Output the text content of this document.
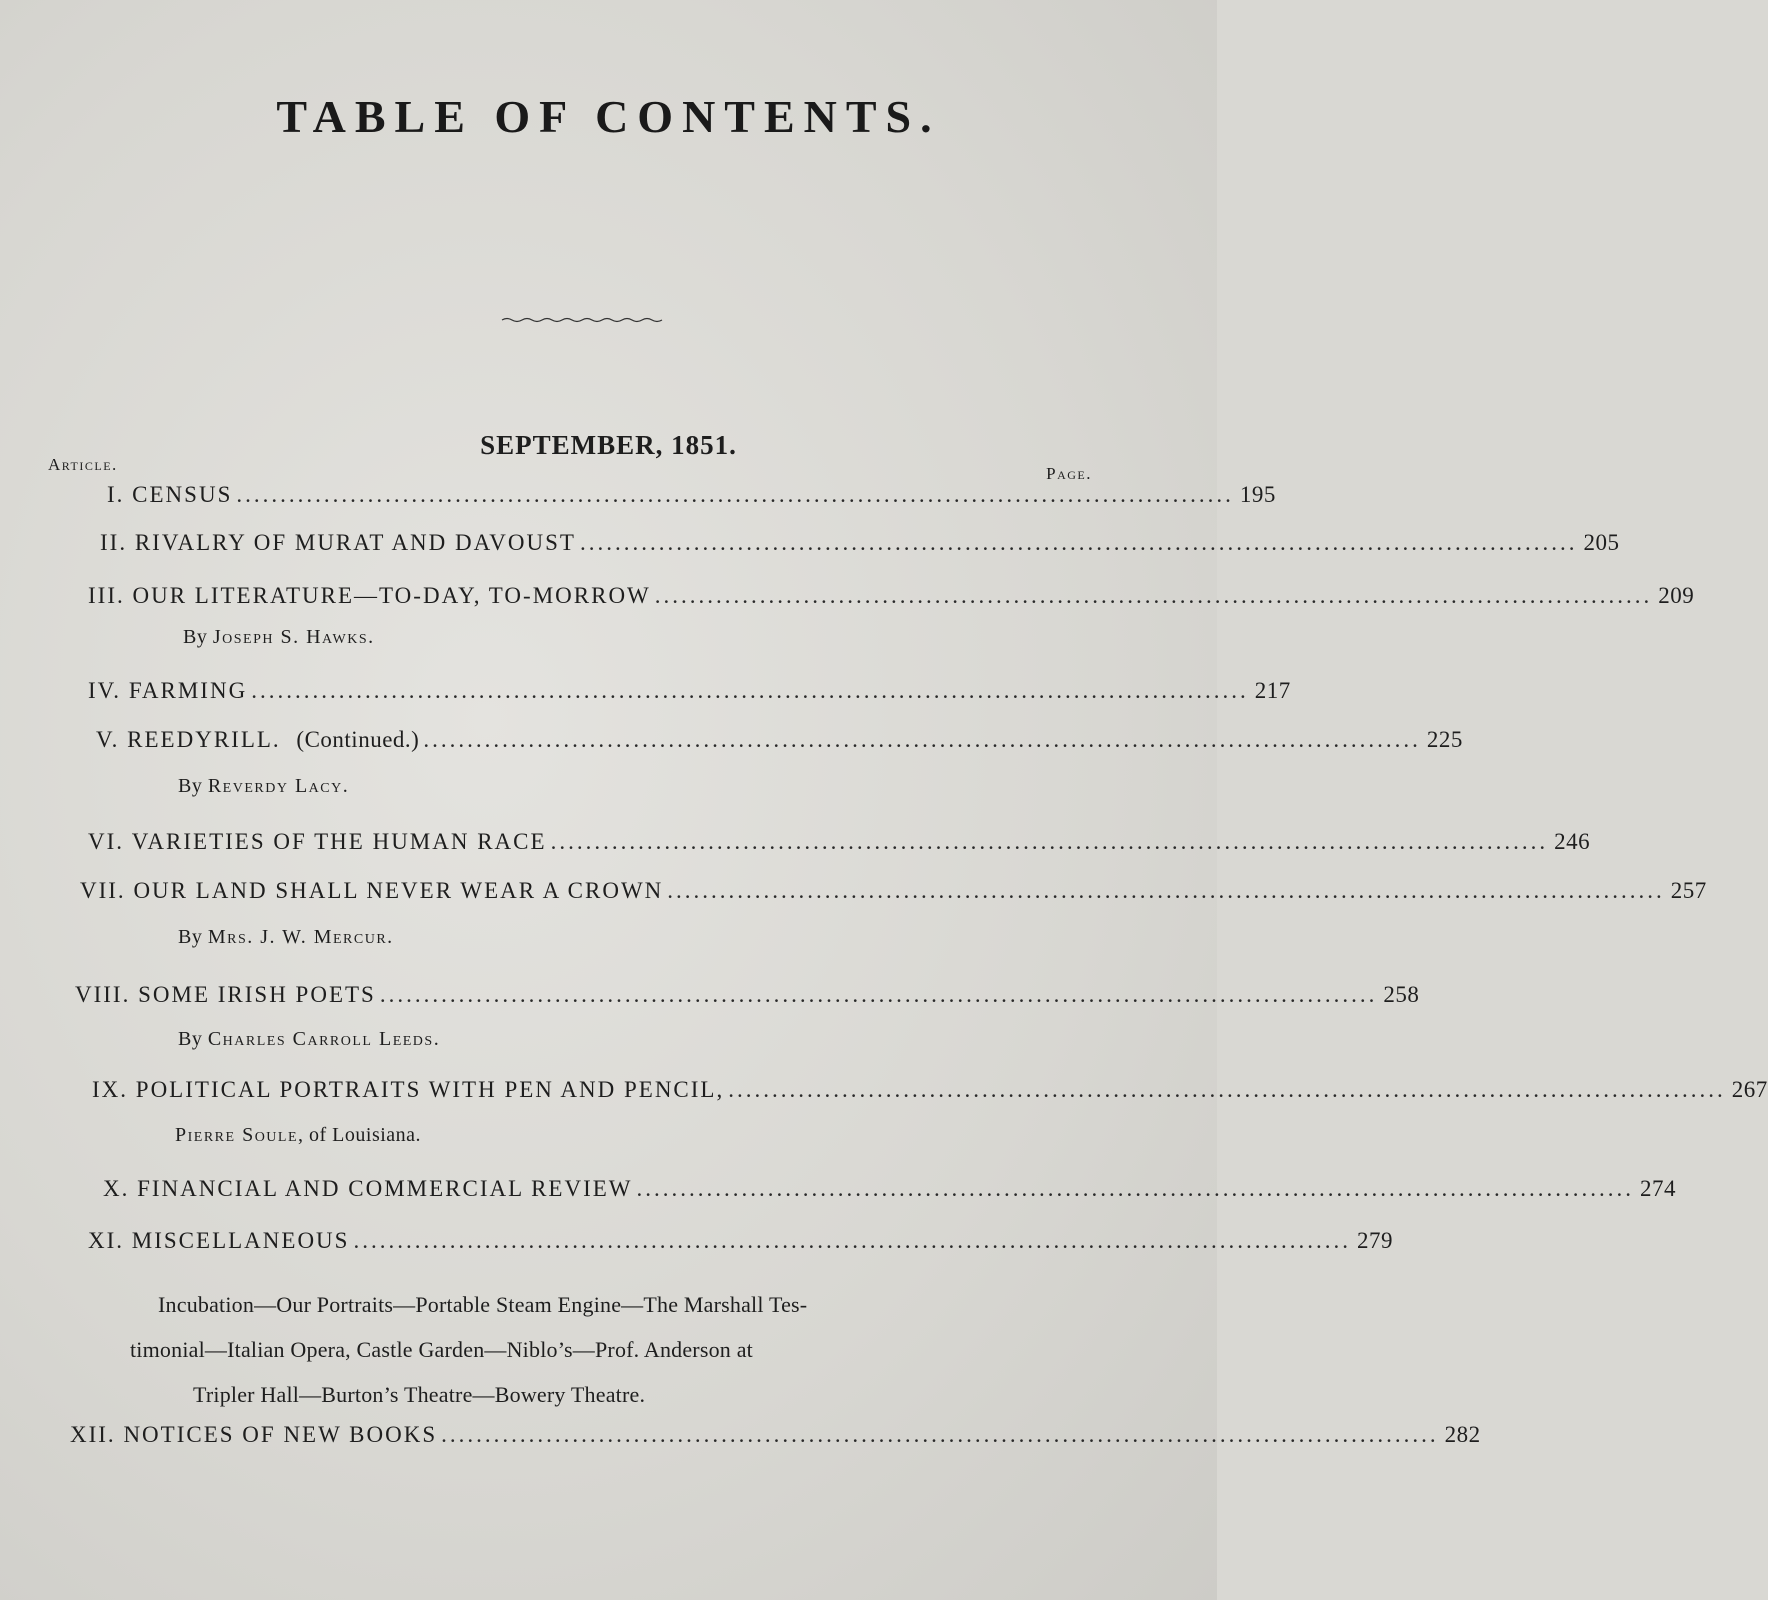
TABLE OF CONTENTS.
SEPTEMBER, 1851.
Article.	Page.
I. CENSUS .................................................................................................................. 195
II. RIVALRY OF MURAT AND DAVOUST .................................................................................................................. 205
III. OUR LITERATURE—TO-DAY, TO-MORROW .................................................................................................................. 209
By Joseph S. Hawks.
IV. FARMING .................................................................................................................. 217
V. REEDYRILL. (Continued.) .................................................................................................................. 225
By Reverdy Lacy.
VI. VARIETIES OF THE HUMAN RACE .................................................................................................................. 246
VII. OUR LAND SHALL NEVER WEAR A CROWN .................................................................................................................. 257
By Mrs. J. W. Mercur.
VIII. SOME IRISH POETS .................................................................................................................. 258
By Charles Carroll Leeds.
IX. POLITICAL PORTRAITS WITH PEN AND PENCIL, .................................................................................................................. 267
Pierre Soule, of Louisiana.
X. FINANCIAL AND COMMERCIAL REVIEW .................................................................................................................. 274
XI. MISCELLANEOUS .................................................................................................................. 279
Incubation—Our Portraits—Portable Steam Engine—The Marshall Tes-
timonial—Italian Opera, Castle Garden—Niblo’s—Prof. Anderson at
Tripler Hall—Burton’s Theatre—Bowery Theatre.
XII. NOTICES OF NEW BOOKS .................................................................................................................. 282
